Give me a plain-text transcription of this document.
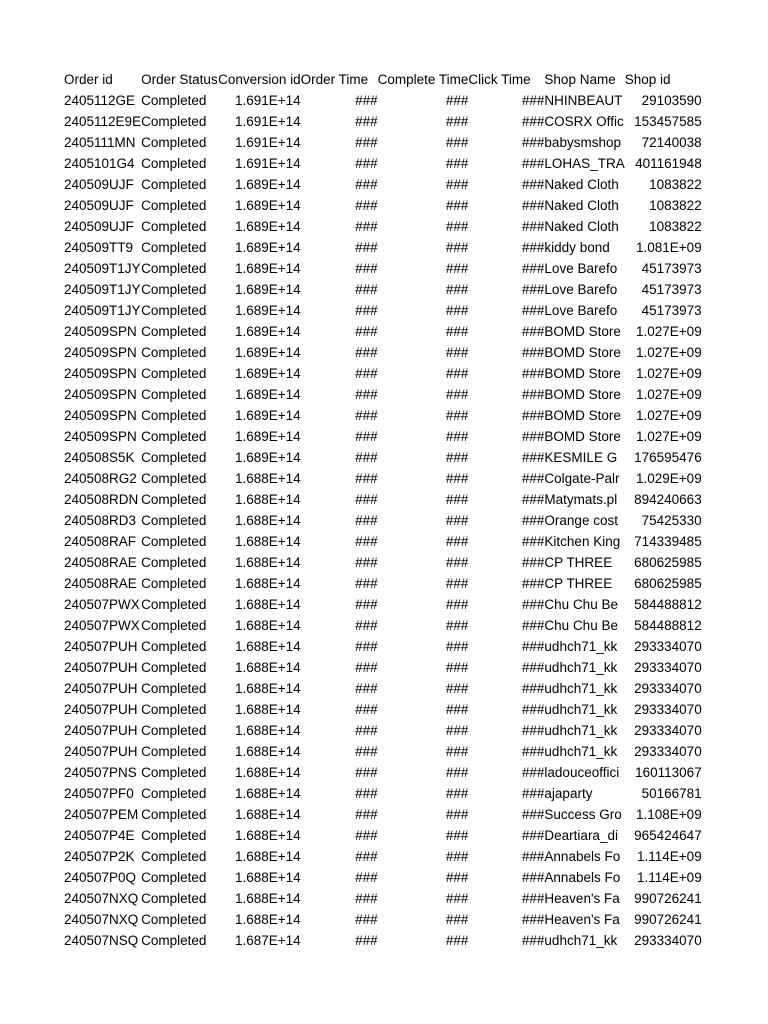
Order id	Order Status	Conversion id	Order Time	Complete Time	Click Time	Shop Name	Shop id
2405112GE	Completed	1.691E+14	###	###	###	NHINBEAUT	29103590
2405112E9E	Completed	1.691E+14	###	###	###	COSRX Offic	153457585
2405111MN	Completed	1.691E+14	###	###	###	babysmshop	72140038
2405101G4	Completed	1.691E+14	###	###	###	LOHAS_TRA	401161948
240509UJF	Completed	1.689E+14	###	###	###	Naked Cloth	1083822
240509UJF	Completed	1.689E+14	###	###	###	Naked Cloth	1083822
240509UJF	Completed	1.689E+14	###	###	###	Naked Cloth	1083822
240509TT9	Completed	1.689E+14	###	###	###	kiddy bond	1.081E+09
240509T1JY	Completed	1.689E+14	###	###	###	Love Barefo	45173973
240509T1JY	Completed	1.689E+14	###	###	###	Love Barefo	45173973
240509T1JY	Completed	1.689E+14	###	###	###	Love Barefo	45173973
240509SPN	Completed	1.689E+14	###	###	###	BOMD Store	1.027E+09
240509SPN	Completed	1.689E+14	###	###	###	BOMD Store	1.027E+09
240509SPN	Completed	1.689E+14	###	###	###	BOMD Store	1.027E+09
240509SPN	Completed	1.689E+14	###	###	###	BOMD Store	1.027E+09
240509SPN	Completed	1.689E+14	###	###	###	BOMD Store	1.027E+09
240509SPN	Completed	1.689E+14	###	###	###	BOMD Store	1.027E+09
240508S5K	Completed	1.689E+14	###	###	###	KESMILE G	176595476
240508RG2	Completed	1.688E+14	###	###	###	Colgate-Palr	1.029E+09
240508RDN	Completed	1.688E+14	###	###	###	Matymats.pl	894240663
240508RD3	Completed	1.688E+14	###	###	###	Orange cost	75425330
240508RAF	Completed	1.688E+14	###	###	###	Kitchen King	714339485
240508RAE	Completed	1.688E+14	###	###	###	CP THREE	680625985
240508RAE	Completed	1.688E+14	###	###	###	CP THREE	680625985
240507PWX	Completed	1.688E+14	###	###	###	Chu Chu Be	584488812
240507PWX	Completed	1.688E+14	###	###	###	Chu Chu Be	584488812
240507PUH	Completed	1.688E+14	###	###	###	udhch71_kk	293334070
240507PUH	Completed	1.688E+14	###	###	###	udhch71_kk	293334070
240507PUH	Completed	1.688E+14	###	###	###	udhch71_kk	293334070
240507PUH	Completed	1.688E+14	###	###	###	udhch71_kk	293334070
240507PUH	Completed	1.688E+14	###	###	###	udhch71_kk	293334070
240507PUH	Completed	1.688E+14	###	###	###	udhch71_kk	293334070
240507PNS	Completed	1.688E+14	###	###	###	ladouceoffici	160113067
240507PF0	Completed	1.688E+14	###	###	###	ajaparty	50166781
240507PEM	Completed	1.688E+14	###	###	###	Success Gro	1.108E+09
240507P4E	Completed	1.688E+14	###	###	###	Deartiara_di	965424647
240507P2K	Completed	1.688E+14	###	###	###	Annabels Fo	1.114E+09
240507P0Q	Completed	1.688E+14	###	###	###	Annabels Fo	1.114E+09
240507NXQ	Completed	1.688E+14	###	###	###	Heaven's Fa	990726241
240507NXQ	Completed	1.688E+14	###	###	###	Heaven's Fa	990726241
240507NSQ	Completed	1.687E+14	###	###	###	udhch71_kk	293334070
